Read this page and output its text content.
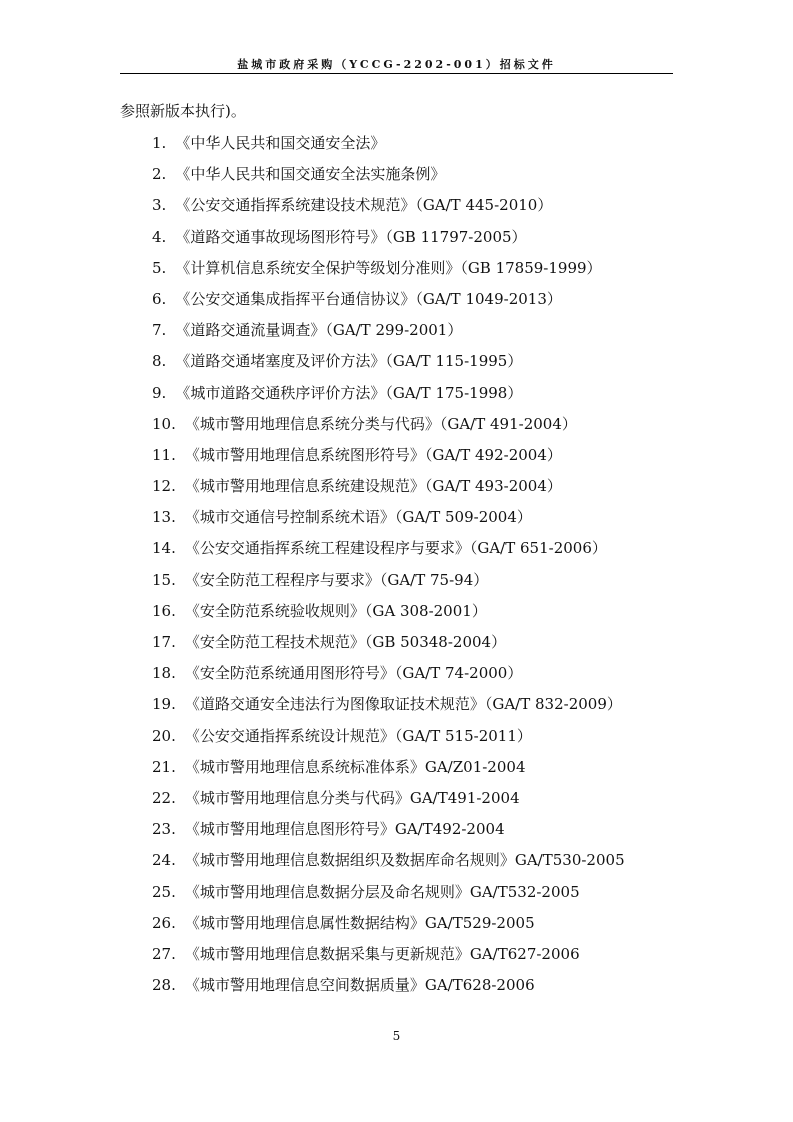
盐城市政府采购（YCCG-2202-001）招标文件
参照新版本执行)。
1. 《中华人民共和国交通安全法》
2. 《中华人民共和国交通安全法实施条例》
3. 《公安交通指挥系统建设技术规范》（GA/T 445-2010）
4. 《道路交通事故现场图形符号》（GB 11797-2005）
5. 《计算机信息系统安全保护等级划分准则》（GB 17859-1999）
6. 《公安交通集成指挥平台通信协议》（GA/T 1049-2013）
7. 《道路交通流量调查》（GA/T 299-2001）
8. 《道路交通堵塞度及评价方法》（GA/T 115-1995）
9. 《城市道路交通秩序评价方法》（GA/T 175-1998）
10. 《城市警用地理信息系统分类与代码》（GA/T 491-2004）
11. 《城市警用地理信息系统图形符号》（GA/T 492-2004）
12. 《城市警用地理信息系统建设规范》（GA/T 493-2004）
13. 《城市交通信号控制系统术语》（GA/T 509-2004）
14. 《公安交通指挥系统工程建设程序与要求》（GA/T 651-2006）
15. 《安全防范工程程序与要求》（GA/T 75-94）
16. 《安全防范系统验收规则》（GA 308-2001）
17. 《安全防范工程技术规范》（GB 50348-2004）
18. 《安全防范系统通用图形符号》（GA/T 74-2000）
19. 《道路交通安全违法行为图像取证技术规范》（GA/T 832-2009）
20. 《公安交通指挥系统设计规范》（GA/T 515-2011）
21. 《城市警用地理信息系统标准体系》GA/Z01-2004
22. 《城市警用地理信息分类与代码》GA/T491-2004
23. 《城市警用地理信息图形符号》GA/T492-2004
24. 《城市警用地理信息数据组织及数据库命名规则》GA/T530-2005
25. 《城市警用地理信息数据分层及命名规则》GA/T532-2005
26. 《城市警用地理信息属性数据结构》GA/T529-2005
27. 《城市警用地理信息数据采集与更新规范》GA/T627-2006
28. 《城市警用地理信息空间数据质量》GA/T628-2006
5
